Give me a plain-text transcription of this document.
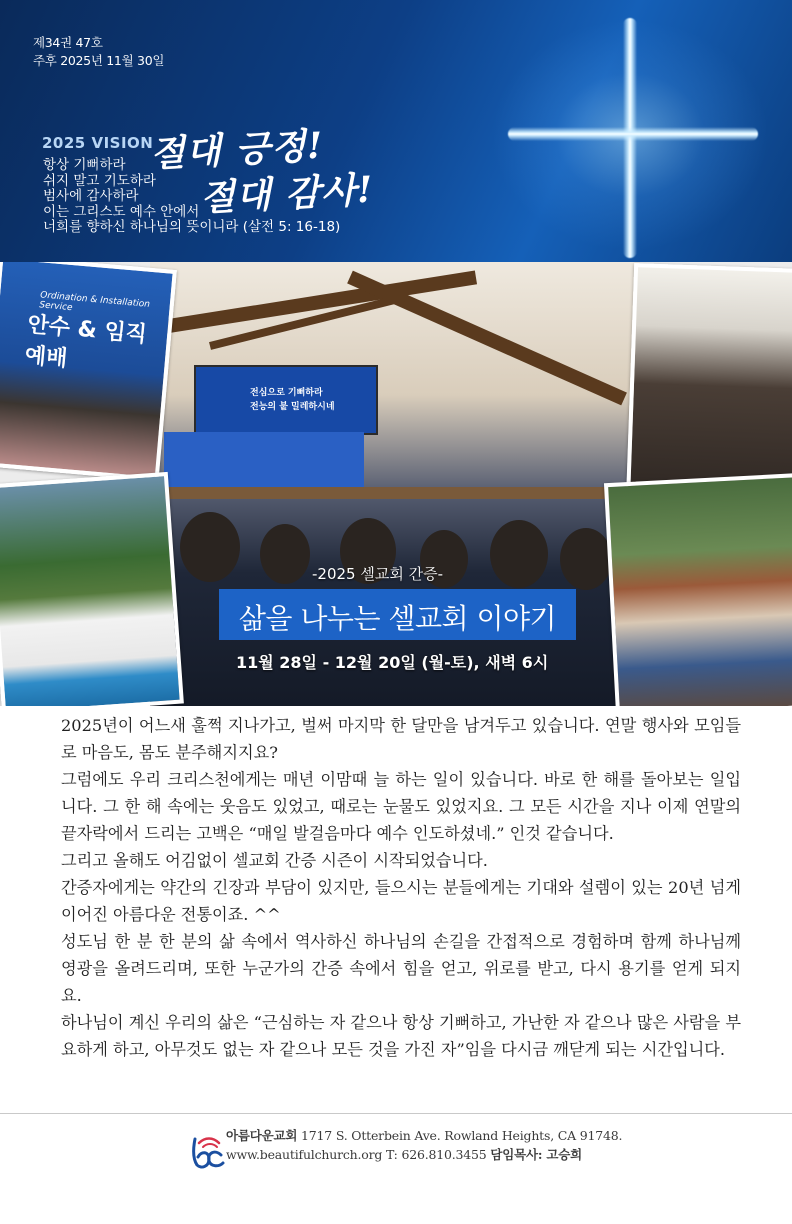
제34권 47호
주후 2025년 11월 30일
2025 VISION
절대 긍정!
절대 감사!
항상 기뻐하라
쉬지 말고 기도하라
범사에 감사하라
이는 그리스도 예수 안에서
너희를 향하신 하나님의 뜻이니라 (살전 5: 16-18)
전심으로 기뻐하라
전능의 붙 밀레하시네
Ordination & Installation Service
안수 & 임직예배
-2025 셀교회 간증-
삶을 나누는 셀교회 이야기
11월 28일 - 12월 20일 (월-토), 새벽 6시

2025년이 어느새 훌쩍 지나가고, 벌써 마지막 한 달만을 남겨두고 있습니다. 연말 행사와 모임들로 마음도, 몸도 분주해지지요?

그럼에도 우리 크리스천에게는 매년 이맘때 늘 하는 일이 있습니다. 바로 한 해를 돌아보는 일입니다. 그 한 해 속에는 웃음도 있었고, 때로는 눈물도 있었지요. 그 모든 시간을 지나 이제 연말의 끝자락에서 드리는 고백은 “매일 발걸음마다 예수 인도하셨네.” 인것 같습니다.

그리고 올해도 어김없이 셀교회 간증 시즌이 시작되었습니다.

간증자에게는 약간의 긴장과 부담이 있지만, 들으시는 분들에게는 기대와 설렘이 있는 20년 넘게 이어진 아름다운 전통이죠. ^^

성도님 한 분 한 분의 삶 속에서 역사하신 하나님의 손길을 간접적으로 경험하며 함께 하나님께 영광을 올려드리며, 또한 누군가의 간증 속에서 힘을 얻고, 위로를 받고, 다시 용기를 얻게 되지요.

하나님이 계신 우리의 삶은 “근심하는 자 같으나 항상 기뻐하고, 가난한 자 같으나 많은 사람을 부요하게 하고, 아무것도 없는 자 같으나 모든 것을 가진 자”임을 다시금 깨닫게 되는 시간입니다.

아름다운교회 1717 S. Otterbein Ave. Rowland Heights, CA 91748.
www.beautifulchurch.org T: 626.810.3455 담임목사: 고승희
